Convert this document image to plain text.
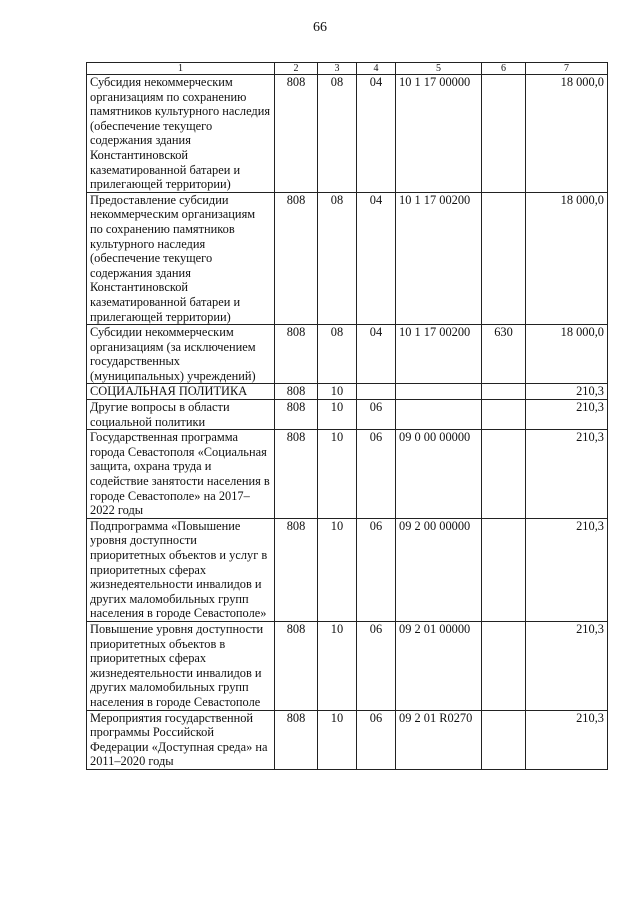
66
1	2	3	4	5	6	7
Субсидия некоммерческим организациям по сохранению памятников культурного наследия (обеспечение текущего содержания здания Константиновской казематированной батареи и прилегающей территории)	808	08	04	10 1 17 00000		18 000,0
Предоставление субсидии некоммерческим организациям по сохранению памятников культурного наследия (обеспечение текущего содержания здания Константиновской казематированной батареи и прилегающей территории)	808	08	04	10 1 17 00200		18 000,0
Субсидии некоммерческим организациям (за исключением государственных (муниципальных) учреждений)	808	08	04	10 1 17 00200	630	18 000,0
СОЦИАЛЬНАЯ ПОЛИТИКА	808	10				210,3
Другие вопросы в области социальной политики	808	10	06			210,3
Государственная программа города Севастополя «Социальная защита, охрана труда и содействие занятости населения в городе Севастополе» на 2017–2022 годы	808	10	06	09 0 00 00000		210,3
Подпрограмма «Повышение уровня доступности приоритетных объектов и услуг в приоритетных сферах жизнедеятельности инвалидов и других маломобильных групп населения в городе Севастополе»	808	10	06	09 2 00 00000		210,3
Повышение уровня доступности приоритетных объектов в приоритетных сферах жизнедеятельности инвалидов и других маломобильных групп населения в городе Севастополе	808	10	06	09 2 01 00000		210,3
Мероприятия государственной программы Российской Федерации «Доступная среда» на 2011–2020 годы	808	10	06	09 2 01 R0270		210,3
